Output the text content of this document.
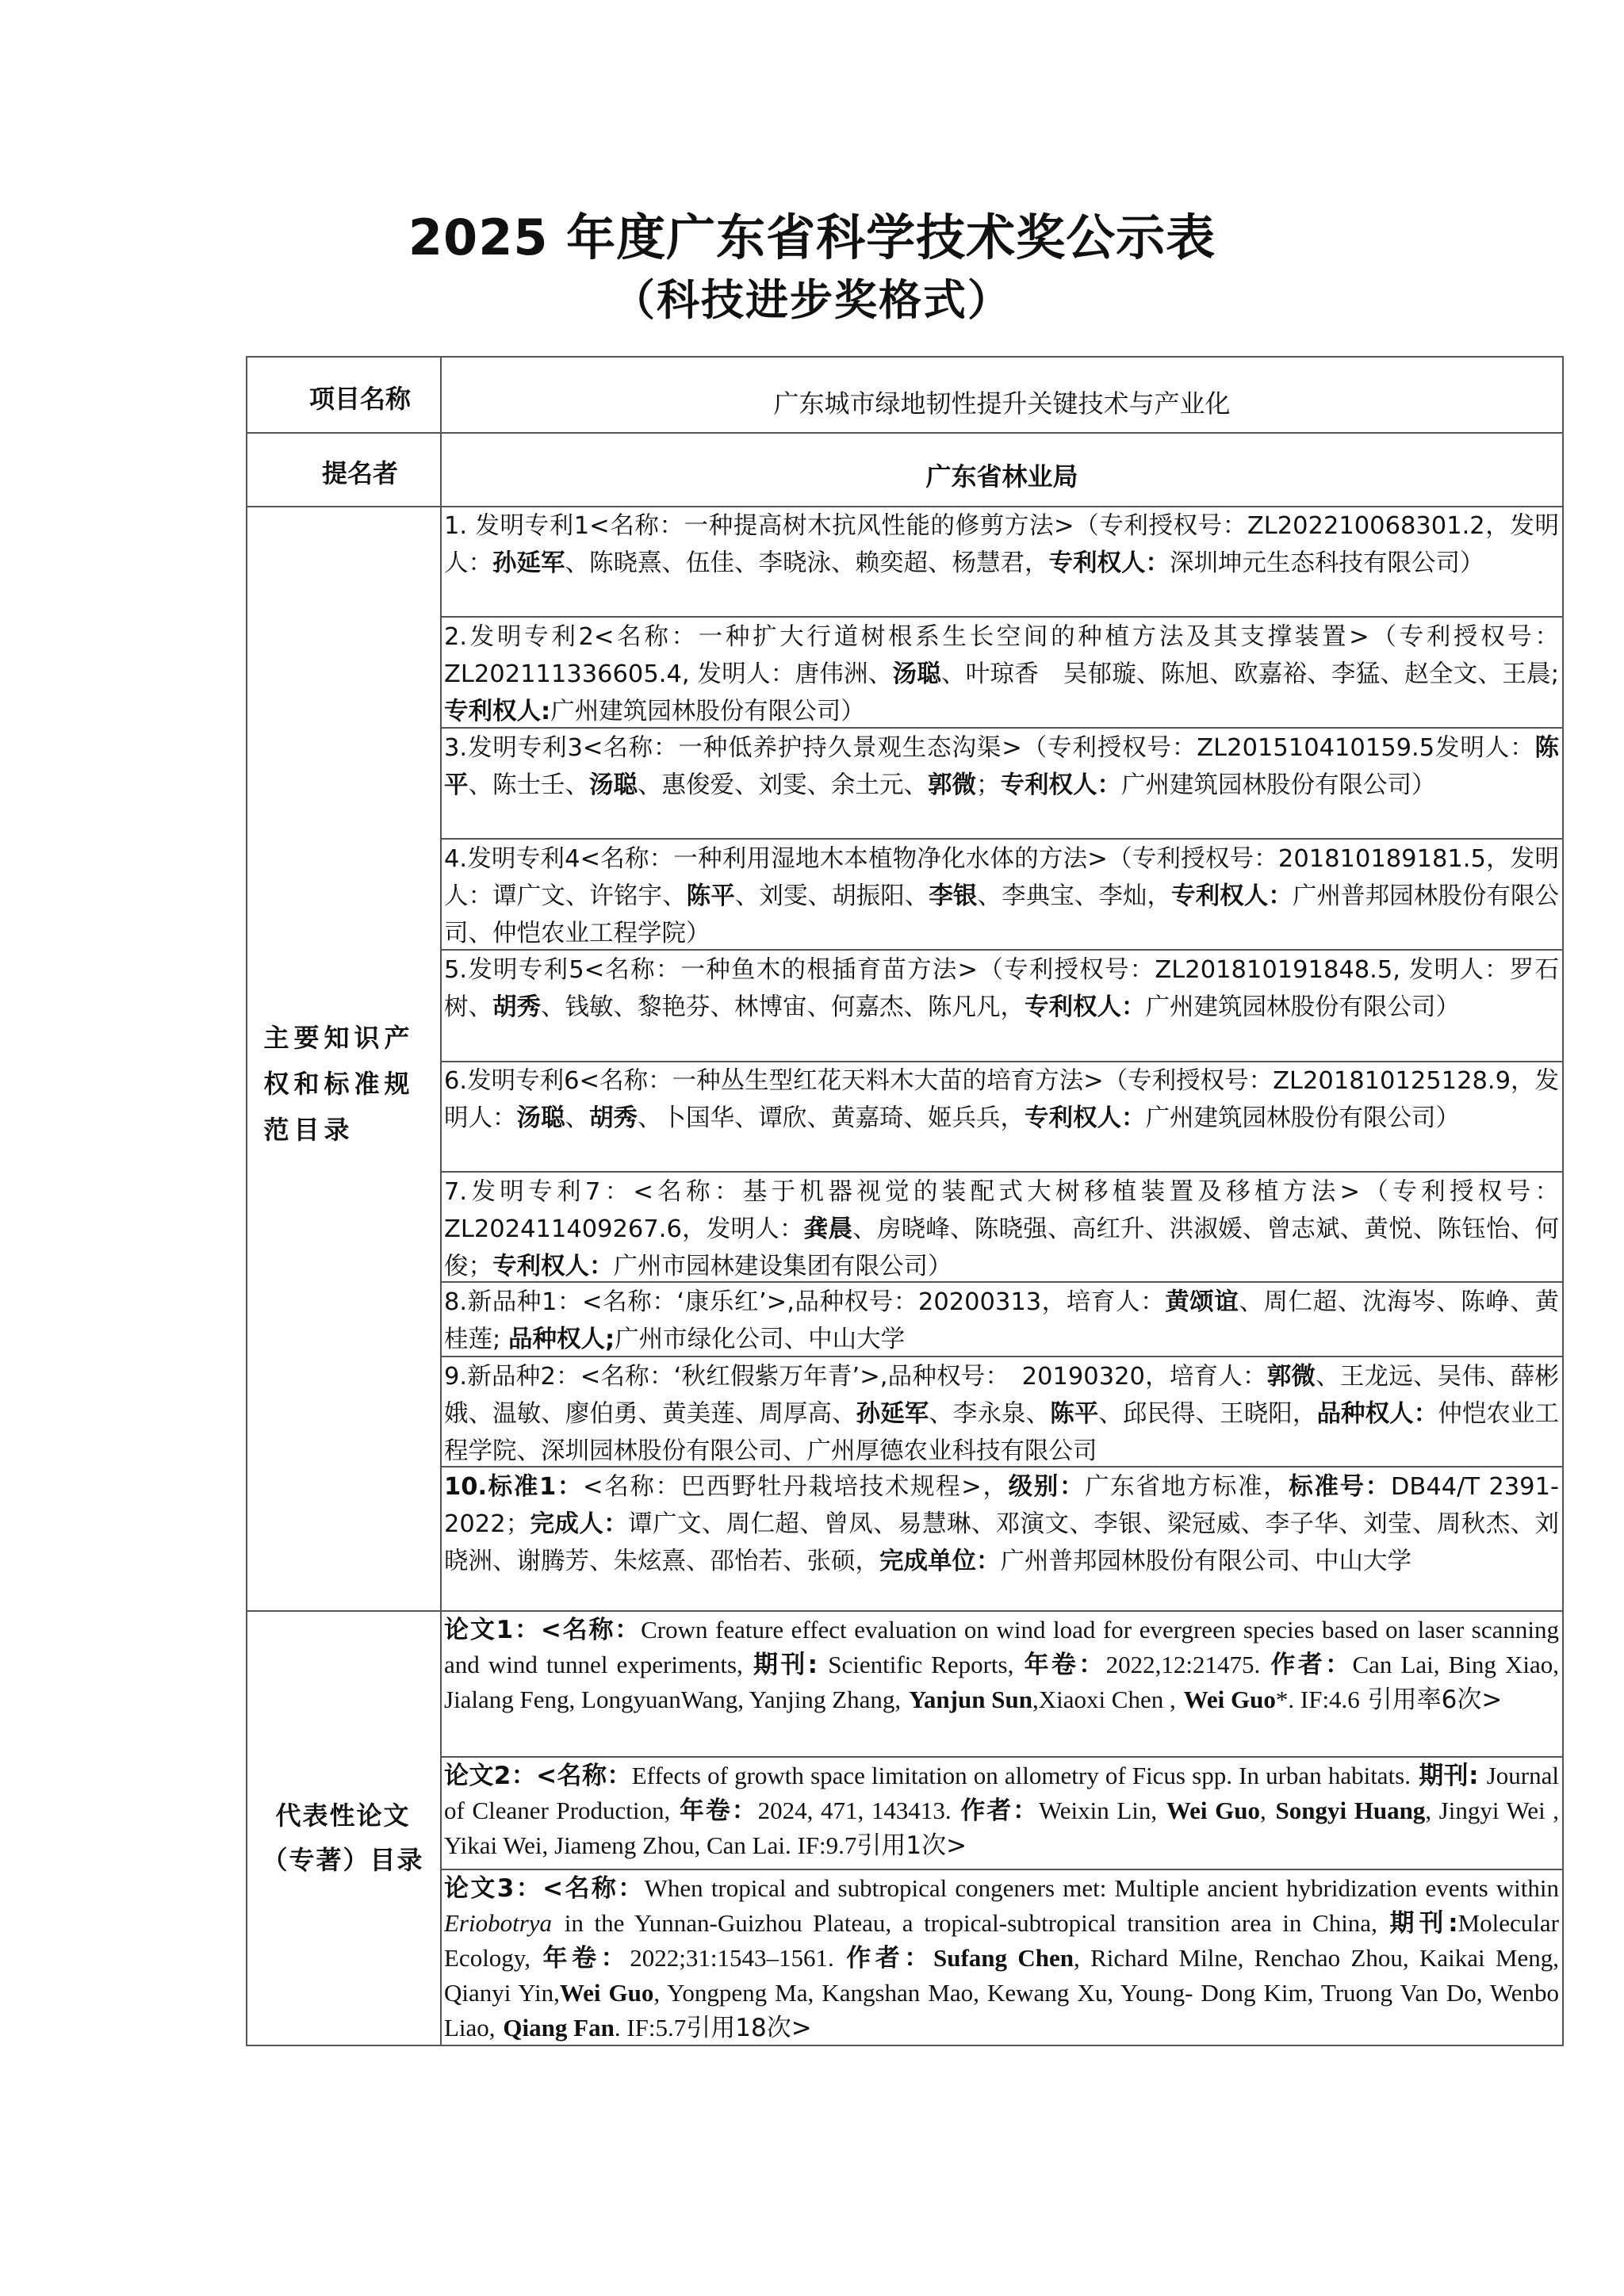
2025 年度广东省科学技术奖公示表
（科技进步奖格式）
项目名称	广东城市绿地韧性提升关键技术与产业化
提名者	广东省林业局
主要知识产权和标准规范目录
1. 发明专利1<名称：一种提高树木抗风性能的修剪方法>（专利授权号：ZL202210068301.2，发明人：孙延军、陈晓熹、伍佳、李晓泳、赖奕超、杨慧君，专利权人：深圳坤元生态科技有限公司）
2.发明专利2<名称：一种扩大行道树根系生长空间的种植方法及其支撑装置>（专利授权号：ZL202111336605.4, 发明人：唐伟洲、汤聪、叶琼香　吴郁璇、陈旭、欧嘉裕、李猛、赵全文、王晨; 专利权人:广州建筑园林股份有限公司）
3.发明专利3<名称：一种低养护持久景观生态沟渠>（专利授权号：ZL201510410159.5发明人：陈平、陈士壬、汤聪、惠俊爱、刘雯、余土元、郭微；专利权人：广州建筑园林股份有限公司）
4.发明专利4<名称：一种利用湿地木本植物净化水体的方法>（专利授权号：201810189181.5，发明人：谭广文、许铭宇、陈平、刘雯、胡振阳、李银、李典宝、李灿，专利权人：广州普邦园林股份有限公司、仲恺农业工程学院）
5.发明专利5<名称：一种鱼木的根插育苗方法>（专利授权号：ZL201810191848.5, 发明人：罗石树、胡秀、钱敏、黎艳芬、林博宙、何嘉杰、陈凡凡，专利权人：广州建筑园林股份有限公司）
6.发明专利6<名称：一种丛生型红花天料木大苗的培育方法>（专利授权号：ZL201810125128.9，发明人：汤聪、胡秀、卜国华、谭欣、黄嘉琦、姬兵兵，专利权人：广州建筑园林股份有限公司）
7.发明专利7：<名称：基于机器视觉的装配式大树移植装置及移植方法>（专利授权号：ZL202411409267.6，发明人：龚晨、房晓峰、陈晓强、高红升、洪淑媛、曾志斌、黄悦、陈钰怡、何俊；专利权人：广州市园林建设集团有限公司）
8.新品种1：<名称：‘康乐红’>,品种权号：20200313，培育人：黄颂谊、周仁超、沈海岑、陈峥、黄桂莲; 品种权人;广州市绿化公司、中山大学
9.新品种2：<名称：‘秋红假紫万年青’>,品种权号：　20190320，培育人：郭微、王龙远、吴伟、薛彬娥、温敏、廖伯勇、黄美莲、周厚高、孙延军、李永泉、陈平、邱民得、王晓阳，品种权人：仲恺农业工程学院、深圳园林股份有限公司、广州厚德农业科技有限公司
10.标准1：<名称：巴西野牡丹栽培技术规程>，级别：广东省地方标准，标准号：DB44/T 2391-2022；完成人：谭广文、周仁超、曾凤、易慧琳、邓演文、李银、梁冠威、李子华、刘莹、周秋杰、刘晓洲、谢腾芳、朱炫熹、邵怡若、张硕，完成单位：广州普邦园林股份有限公司、中山大学
代表性论文（专著）目录
论文1：<名称：Crown feature effect evaluation on wind load for evergreen species based on laser scanning and wind tunnel experiments, 期刊: Scientific Reports, 年卷：2022,12:21475. 作者：Can Lai, Bing Xiao, Jialang Feng, LongyuanWang, Yanjing Zhang, Yanjun Sun,Xiaoxi Chen , Wei Guo*. IF:4.6 引用率6次>
论文2：<名称：Effects of growth space limitation on allometry of Ficus spp. In urban habitats. 期刊: Journal of Cleaner Production, 年卷：2024, 471, 143413. 作者：Weixin Lin, Wei Guo, Songyi Huang, Jingyi Wei , Yikai Wei, Jiameng Zhou, Can Lai. IF:9.7引用1次>
论文3：<名称：When tropical and subtropical congeners met: Multiple ancient hybridization events within Eriobotrya in the Yunnan-Guizhou Plateau, a tropical-subtropical transition area in China, 期刊:Molecular Ecology, 年卷：2022;31:1543–1561. 作者：Sufang Chen, Richard Milne, Renchao Zhou, Kaikai Meng, Qianyi Yin,Wei Guo, Yongpeng Ma, Kangshan Mao, Kewang Xu, Young- Dong Kim, Truong Van Do, Wenbo Liao, Qiang Fan. IF:5.7引用18次>
